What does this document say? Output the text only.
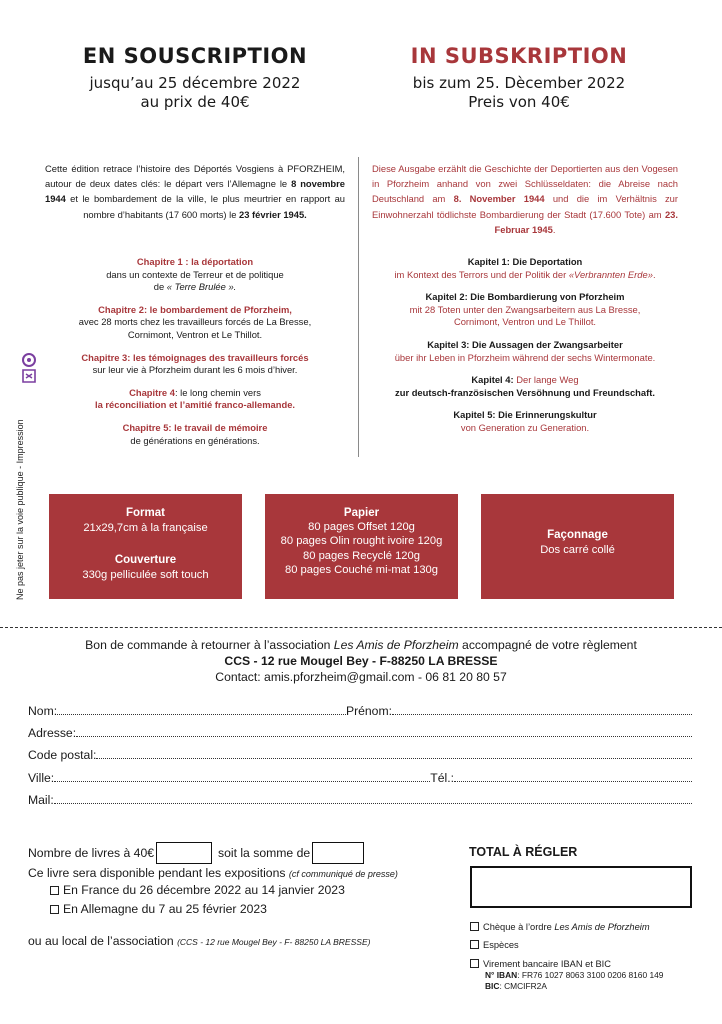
Ne pas jeter sur la voie publique - Impression
EN SOUSCRIPTION
jusqu’au 25 décembre 2022
au prix de 40€
IN SUBSKRIPTION
bis zum 25. Dècember 2022
Preis von 40€
Cette édition retrace l’histoire des Déportés Vosgiens à PFORZHEIM, autour de deux dates clés: le départ vers l’Allemagne le 8 novembre 1944 et le bombardement de la ville, le plus meurtrier en rapport au nombre d’habitants (17 600 morts) le 23 février 1945.
Diese Ausgabe erzählt die Geschichte der Deportierten aus den Vogesen in Pforzheim anhand von zwei Schlüsseldaten: die Abreise nach Deutschland am 8. November 1944 und die im Verhältnis zur Einwohnerzahl tödlichste Bombardierung der Stadt (17.600 Tote) am 23. Februar 1945.
Chapitre 1 : la déportation
dans un contexte de Terreur et de politique
de « Terre Brulée ».
Chapitre 2: le bombardement de Pforzheim,
avec 28 morts chez les travailleurs forcés de La Bresse,
Cornimont, Ventron et Le Thillot.
Chapitre 3: les témoignages des travailleurs forcés
sur leur vie à Pforzheim durant les 6 mois d’hiver.
Chapitre 4: le long chemin vers
la réconciliation et l’amitié franco-allemande.
Chapitre 5: le travail de mémoire
de générations en générations.
Kapitel 1: Die Deportation
im Kontext des Terrors und der Politik der «Verbrannten Erde».
Kapitel 2: Die Bombardierung von Pforzheim
mit 28 Toten unter den Zwangsarbeitern aus La Bresse,
Cornimont, Ventron und Le Thillot.
Kapitel 3: Die Aussagen der Zwangsarbeiter
über ihr Leben in Pforzheim während der sechs Wintermonate.
Kapitel 4: Der lange Weg
zur deutsch-französischen Versöhnung und Freundschaft.
Kapitel 5: Die Erinnerungskultur
von Generation zu Generation.
Format
21x29,7cm à la française
Couverture
330g pelliculée soft touch
Papier
80 pages Offset 120g
80 pages Olin rought ivoire 120g
80 pages Recyclé 120g
80 pages Couché mi-mat 130g
Façonnage
Dos carré collé
Bon de commande à retourner à l’association Les Amis de Pforzheim accompagné de votre règlement
CCS - 12 rue Mougel Bey - F-88250 LA BRESSE
Contact: amis.pforzheim@gmail.com - 06 81 20 80 57
Nom:	Prénom:
Adresse:
Code postal:
Ville:	Tél.:
Mail:
Nombre de livres à 40€	soit la somme de
Ce livre sera disponible pendant les expositions (cf communiqué de presse)
En France du 26 décembre 2022 au 14 janvier 2023
En Allemagne du 7 au 25 février 2023
ou au local de l’association (CCS - 12 rue Mougel Bey - F- 88250 LA BRESSE)
TOTAL À RÉGLER
Chèque à l’ordre Les Amis de Pforzheim
Espèces
Virement bancaire IBAN et BIC
N° IBAN: FR76 1027 8063 3100 0206 8160 149
BIC: CMCIFR2A
